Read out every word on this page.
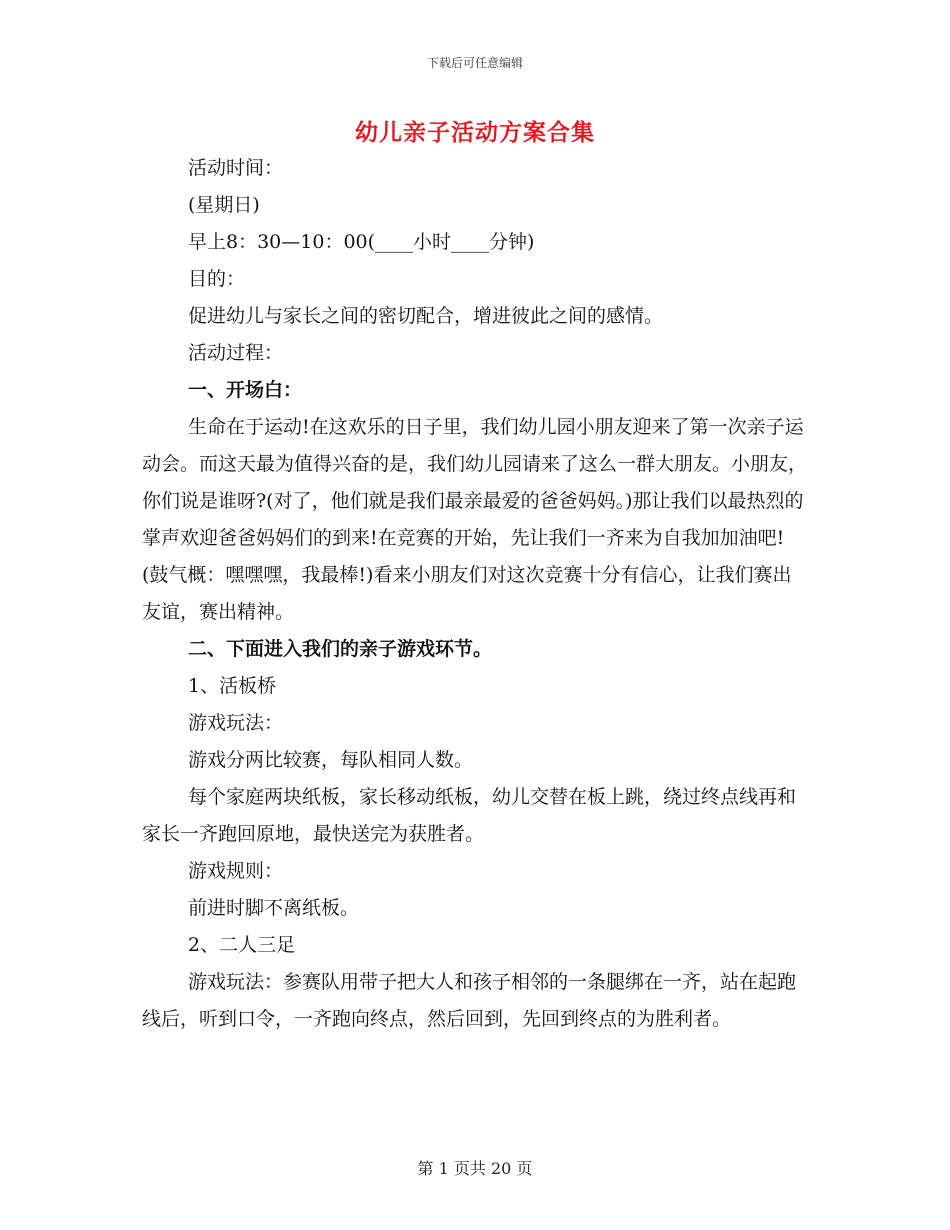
下载后可任意编辑
幼儿亲子活动方案合集

活动时间：

(星期日)

早上8：30—10：00(____小时____分钟)

目的：

促进幼儿与家长之间的密切配合，增进彼此之间的感情。

活动过程：

一、开场白：

生命在于运动!在这欢乐的日子里，我们幼儿园小朋友迎来了第一次亲子运动会。而这天最为值得兴奋的是，我们幼儿园请来了这么一群大朋友。小朋友，你们说是谁呀?(对了，他们就是我们最亲最爱的爸爸妈妈。)那让我们以最热烈的掌声欢迎爸爸妈妈们的到来!在竞赛的开始，先让我们一齐来为自我加加油吧!(鼓气概：嘿嘿嘿，我最棒!)看来小朋友们对这次竞赛十分有信心，让我们赛出友谊，赛出精神。

二、下面进入我们的亲子游戏环节。

1、活板桥

游戏玩法：

游戏分两比较赛，每队相同人数。

每个家庭两块纸板，家长移动纸板，幼儿交替在板上跳，绕过终点线再和家长一齐跑回原地，最快送完为获胜者。

游戏规则：

前进时脚不离纸板。

2、二人三足

游戏玩法：参赛队用带子把大人和孩子相邻的一条腿绑在一齐，站在起跑线后，听到口令，一齐跑向终点，然后回到，先回到终点的为胜利者。

第 1 页共 20 页
